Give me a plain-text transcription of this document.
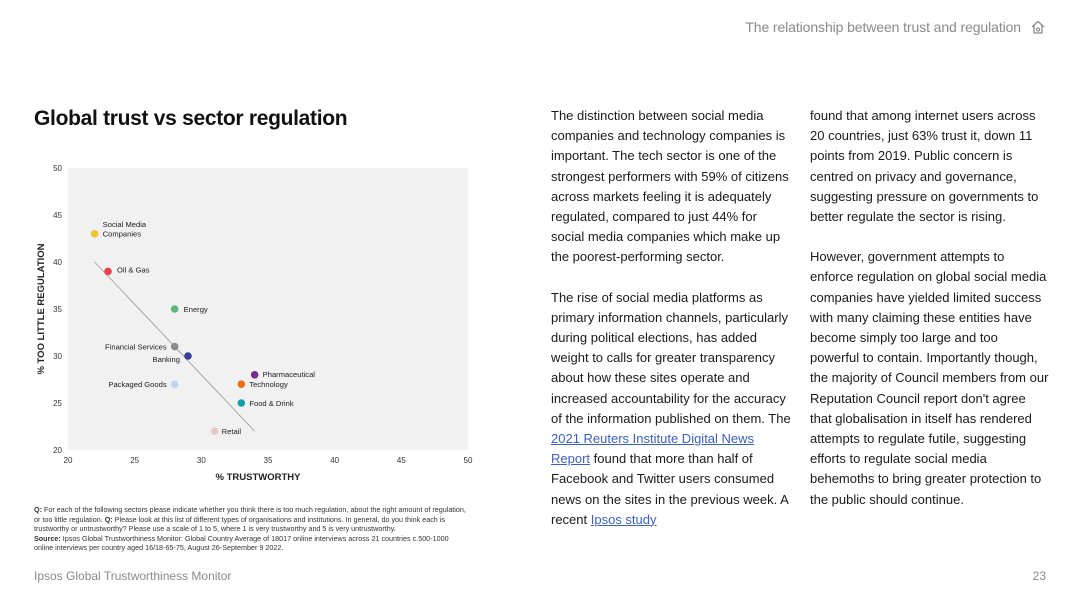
The relationship between trust and regulation
Global trust vs sector regulation
20	25	30	35	40	45	50
20
25
30
35
40
45
50
Social Media Companies
Oil & Gas
Energy
Financial Services
Banking
Packaged Goods
Pharmaceutical
Technology
Food & Drink
Retail
% TRUSTWORTHY
% TOO LITTLE REGULATION

The distinction between social media companies and technology companies is important. The tech sector is one of the strongest performers with 59% of citizens across markets feeling it is adequately regulated, compared to just 44% for social media companies which make up the poorest-performing sector.

The rise of social media platforms as primary information channels, particularly during political elections, has added weight to calls for greater transparency about how these sites operate and increased accountability for the accuracy of the information published on them. The 2021 Reuters Institute Digital News Report found that more than half of Facebook and Twitter users consumed news on the sites in the previous week. A recent Ipsos study

found that among internet users across 20 countries, just 63% trust it, down 11 points from 2019. Public concern is centred on privacy and governance, suggesting pressure on governments to better regulate the sector is rising.

However, government attempts to enforce regulation on global social media companies have yielded limited success with many claiming these entities have become simply too large and too powerful to contain. Importantly though, the majority of Council members from our Reputation Council report don't agree that globalisation in itself has rendered attempts to regulate futile, suggesting efforts to regulate social media behemoths to bring greater protection to the public should continue.

Q: For each of the following sectors please indicate whether you think there is too much regulation, about the right amount of regulation, or too little regulation. Q: Please look at this list of different types of organisations and institutions. In general, do you think each is trustworthy or untrustworthy? Please use a scale of 1 to 5, where 1 is very trustworthy and 5 is very untrustworthy.
Source: Ipsos Global Trustworthiness Monitor: Global Country Average of 18017 online interviews across 21 countries c.500-1000 online interviews per country aged 16/18-65-75, August 26-September 9 2022.
Ipsos Global Trustworthiness Monitor	23
